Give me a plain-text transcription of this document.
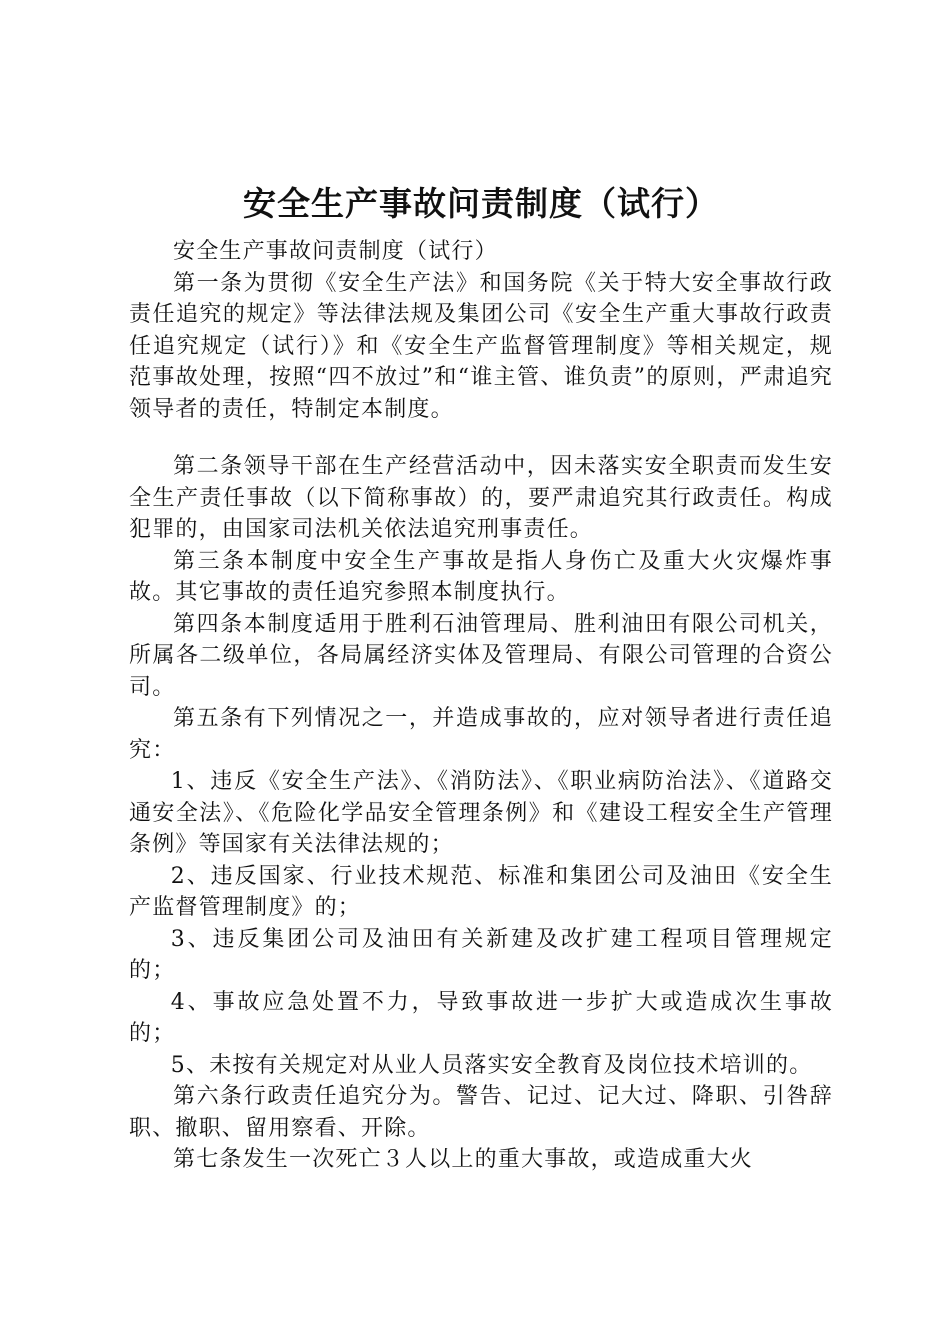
安全生产事故问责制度（试行）

安全生产事故问责制度（试行）

第一条为贯彻《安全生产法》和国务院《关于特大安全事故行政责任追究的规定》等法律法规及集团公司《安全生产重大事故行政责任追究规定（试行）》和《安全生产监督管理制度》等相关规定，规范事故处理，按照“四不放过”和“谁主管、谁负责”的原则，严肃追究领导者的责任，特制定本制度。

第二条领导干部在生产经营活动中，因未落实安全职责而发生安全生产责任事故（以下简称事故）的，要严肃追究其行政责任。构成犯罪的，由国家司法机关依法追究刑事责任。

第三条本制度中安全生产事故是指人身伤亡及重大火灾爆炸事故。其它事故的责任追究参照本制度执行。

第四条本制度适用于胜利石油管理局、胜利油田有限公司机关，所属各二级单位，各局属经济实体及管理局、有限公司管理的合资公司。

第五条有下列情况之一，并造成事故的，应对领导者进行责任追究：

1、违反《安全生产法》、《消防法》、《职业病防治法》、《道路交通安全法》、《危险化学品安全管理条例》和《建设工程安全生产管理条例》等国家有关法律法规的；

2、违反国家、行业技术规范、标准和集团公司及油田《安全生产监督管理制度》的；

3、违反集团公司及油田有关新建及改扩建工程项目管理规定的；

4、事故应急处置不力，导致事故进一步扩大或造成次生事故的；

5、未按有关规定对从业人员落实安全教育及岗位技术培训的。

第六条行政责任追究分为。警告、记过、记大过、降职、引咎辞职、撤职、留用察看、开除。

第七条发生一次死亡３人以上的重大事故，或造成重大火
